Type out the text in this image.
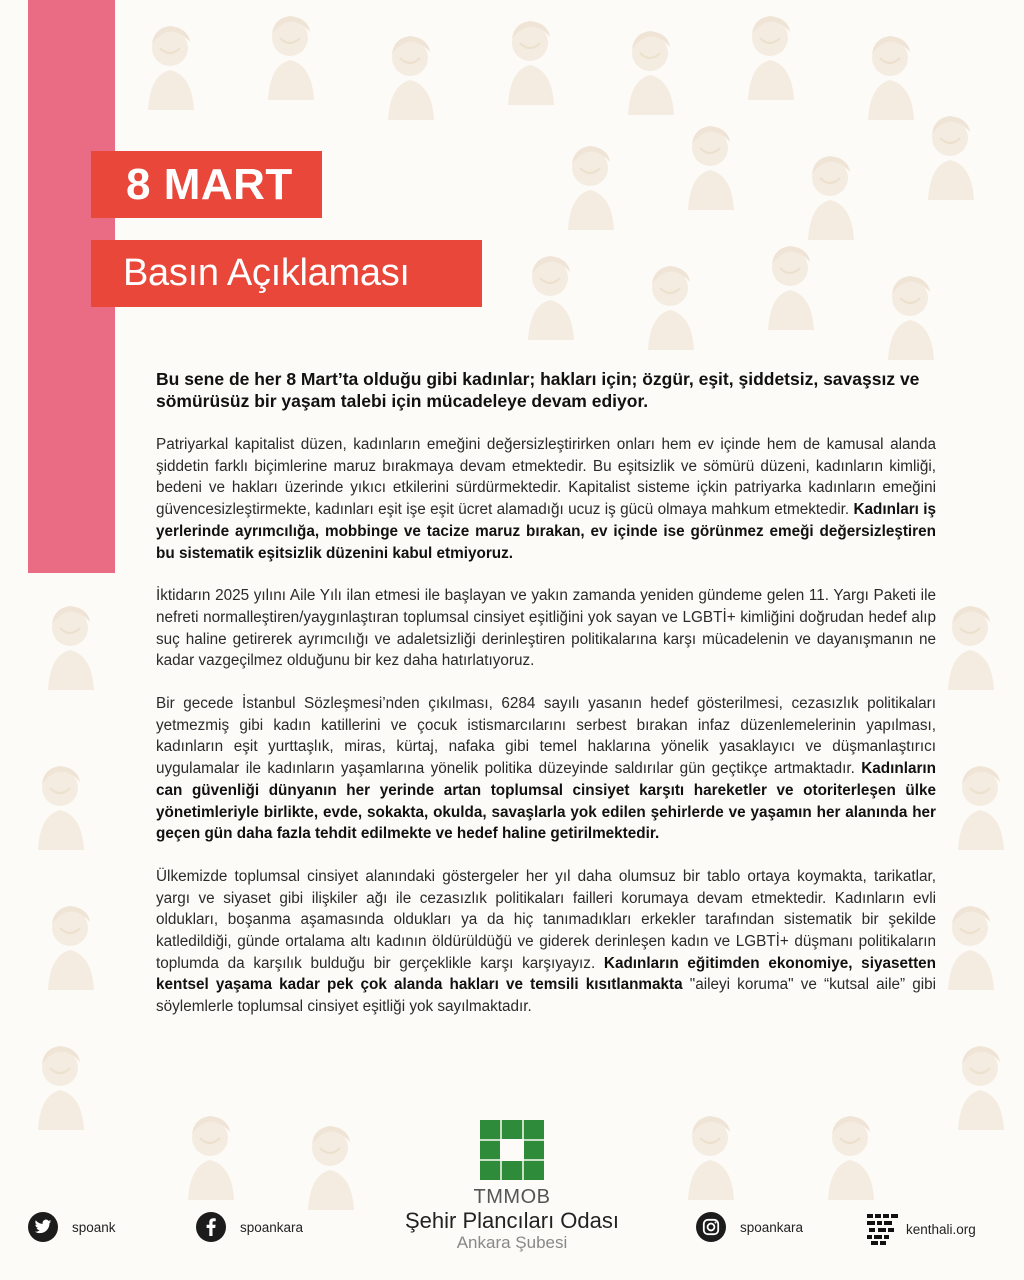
8 MART
Basın Açıklaması

Bu sene de her 8 Mart’ta olduğu gibi kadınlar; hakları için; özgür, eşit, şiddetsiz, savaşsız ve sömürüsüz bir yaşam talebi için mücadeleye devam ediyor.

Patriyarkal kapitalist düzen, kadınların emeğini değersizleştirirken onları hem ev içinde hem de kamusal alanda şiddetin farklı biçimlerine maruz bırakmaya devam etmektedir. Bu eşitsizlik ve sömürü düzeni, kadınların kimliği, bedeni ve hakları üzerinde yıkıcı etkilerini sürdürmektedir. Kapitalist sisteme içkin patriyarka kadınların emeğini güvencesizleştirmekte, kadınları eşit işe eşit ücret alamadığı ucuz iş gücü olmaya mahkum etmektedir. Kadınları iş yerlerinde ayrımcılığa, mobbinge ve tacize maruz bırakan, ev içinde ise görünmez emeği değersizleştiren bu sistematik eşitsizlik düzenini kabul etmiyoruz.

İktidarın 2025 yılını Aile Yılı ilan etmesi ile başlayan ve yakın zamanda yeniden gündeme gelen 11. Yargı Paketi ile nefreti normalleştiren/yaygınlaştıran toplumsal cinsiyet eşitliğini yok sayan ve LGBTİ+ kimliğini doğrudan hedef alıp suç haline getirerek ayrımcılığı ve adaletsizliği derinleştiren politikalarına karşı mücadelenin ve dayanışmanın ne kadar vazgeçilmez olduğunu bir kez daha hatırlatıyoruz.

Bir gecede İstanbul Sözleşmesi’nden çıkılması, 6284 sayılı yasanın hedef gösterilmesi, cezasızlık politikaları yetmezmiş gibi kadın katillerini ve çocuk istismarcılarını serbest bırakan infaz düzenlemelerinin yapılması, kadınların eşit yurttaşlık, miras, kürtaj, nafaka gibi temel haklarına yönelik yasaklayıcı ve düşmanlaştırıcı uygulamalar ile kadınların yaşamlarına yönelik politika düzeyinde saldırılar gün geçtikçe artmaktadır. Kadınların can güvenliği dünyanın her yerinde artan toplumsal cinsiyet karşıtı hareketler ve otoriterleşen ülke yönetimleriyle birlikte, evde, sokakta, okulda, savaşlarla yok edilen şehirlerde ve yaşamın her alanında her geçen gün daha fazla tehdit edilmekte ve hedef haline getirilmektedir.

Ülkemizde toplumsal cinsiyet alanındaki göstergeler her yıl daha olumsuz bir tablo ortaya koymakta, tarikatlar, yargı ve siyaset gibi ilişkiler ağı ile cezasızlık politikaları failleri korumaya devam etmektedir. Kadınların evli oldukları, boşanma aşamasında oldukları ya da hiç tanımadıkları erkekler tarafından sistematik bir şekilde katledildiği, günde ortalama altı kadının öldürüldüğü ve giderek derinleşen kadın ve LGBTİ+ düşmanı politikaların toplumda da karşılık bulduğu bir gerçeklikle karşı karşıyayız. Kadınların eğitimden ekonomiye, siyasetten kentsel yaşama kadar pek çok alanda hakları ve temsili kısıtlanmakta "aileyi koruma" ve “kutsal aile” gibi söylemlerle toplumsal cinsiyet eşitliği yok sayılmaktadır.

TMMOB
Şehir Plancıları Odası
Ankara Şubesi
spoank	spoankara	spoankara	kenthali.org
